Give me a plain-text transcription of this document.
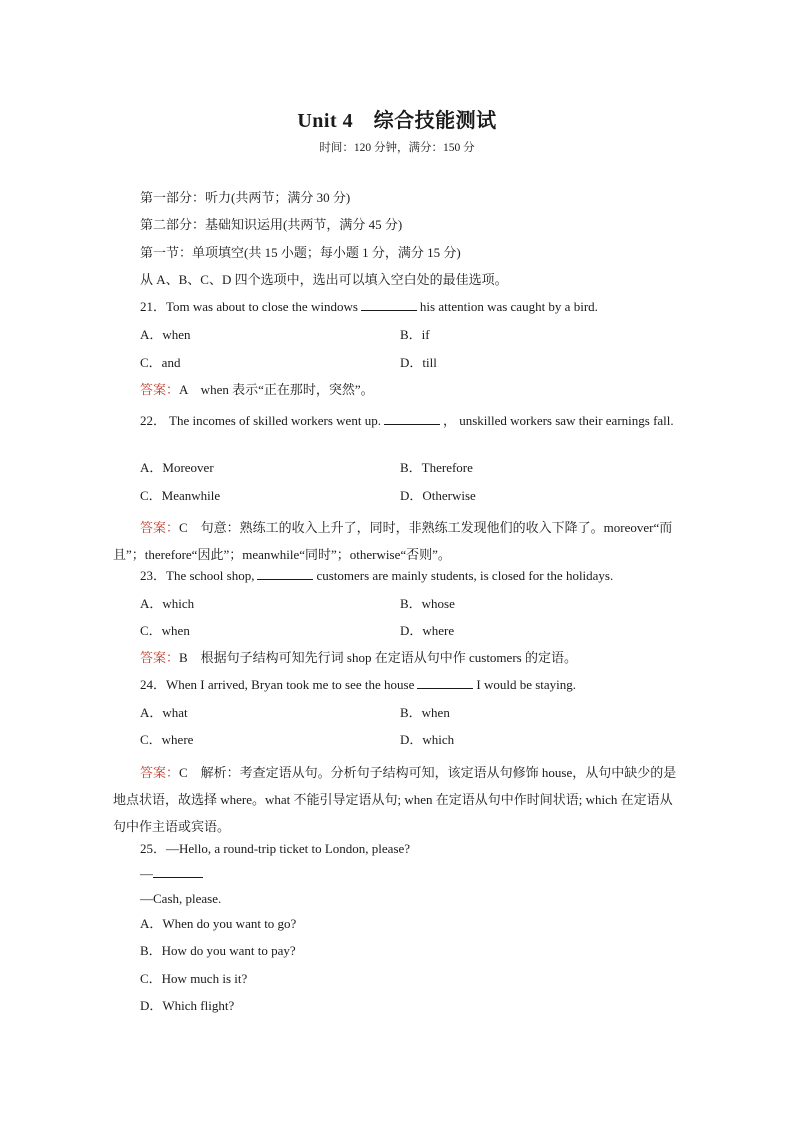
Unit 4　综合技能测试
时间：120 分钟，满分：150 分
第一部分：听力(共两节；满分 30 分)
第二部分：基础知识运用(共两节，满分 45 分)
第一节：单项填空(共 15 小题；每小题 1 分，满分 15 分)
从 A、B、C、D 四个选项中，选出可以填入空白处的最佳选项。
21．Tom was about to close the windows	his attention was caught by a bird.
A．when	B．if
C．and	D．till
答案：A　when 表示“正在那时，突然”。
22． The incomes of skilled workers went up.	， unskilled workers saw their earnings fall.
A．Moreover	B．Therefore
C．Meanwhile	D．Otherwise
答案：C　句意：熟练工的收入上升了，同时，非熟练工发现他们的收入下降了。moreover“而且”；therefore“因此”；meanwhile“同时”；otherwise“否则”。
23．The school shop,	customers are mainly students, is closed for the holidays.
A．which	B．whose
C．when	D．where
答案：B　根据句子结构可知先行词 shop 在定语从句中作 customers 的定语。
24．When I arrived, Bryan took me to see the house	I would be staying.
A．what	B．when
C．where	D．which
答案：C　解析：考查定语从句。分析句子结构可知，该定语从句修饰 house，从句中缺少的是地点状语，故选择 where。what 不能引导定语从句; when 在定语从句中作时间状语; which 在定语从句中作主语或宾语。
25．—Hello, a round-trip ticket to London, please?
—
—Cash, please.
A．When do you want to go?
B．How do you want to pay?
C．How much is it?
D．Which flight?
